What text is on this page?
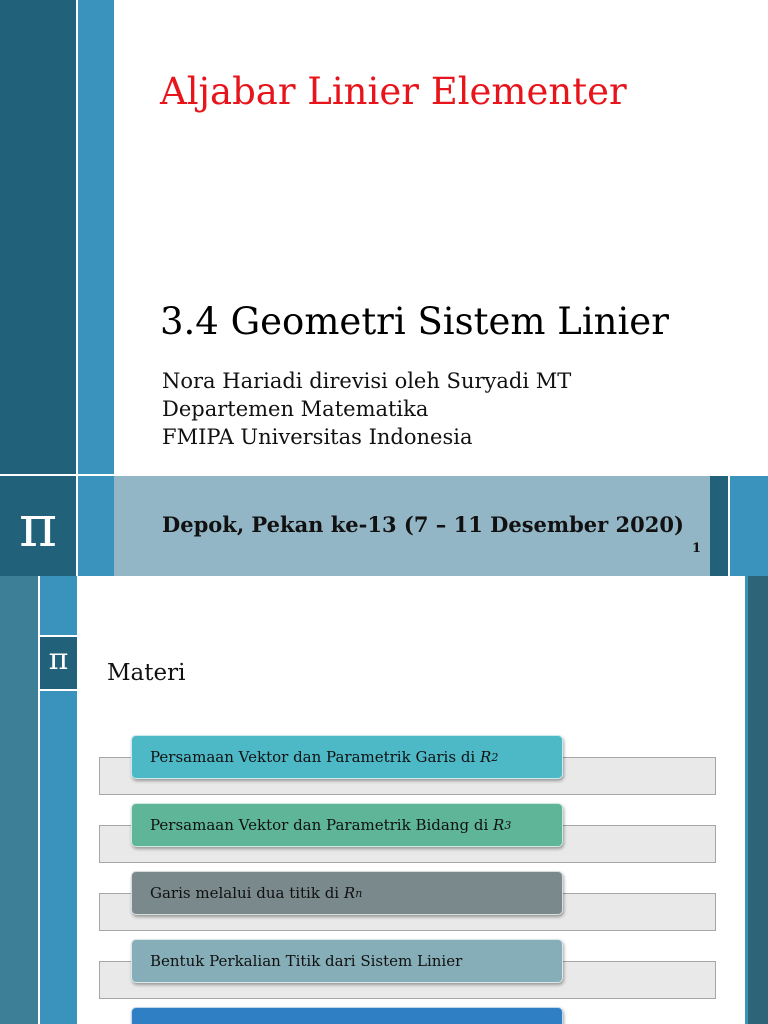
π
Aljabar Linier Elementer
3.4 Geometri Sistem Linier
Nora Hariadi direvisi oleh Suryadi MT
Departemen Matematika
FMIPA Universitas Indonesia
Depok, Pekan ke-13 (7 – 11 Desember 2020)
1
π	Materi
Persamaan Vektor dan Parametrik Garis di
R 2
Persamaan Vektor dan Parametrik Bidang di
R 3
Garis melalui dua titik di
R n
Bentuk Perkalian Titik dari Sistem Linier
